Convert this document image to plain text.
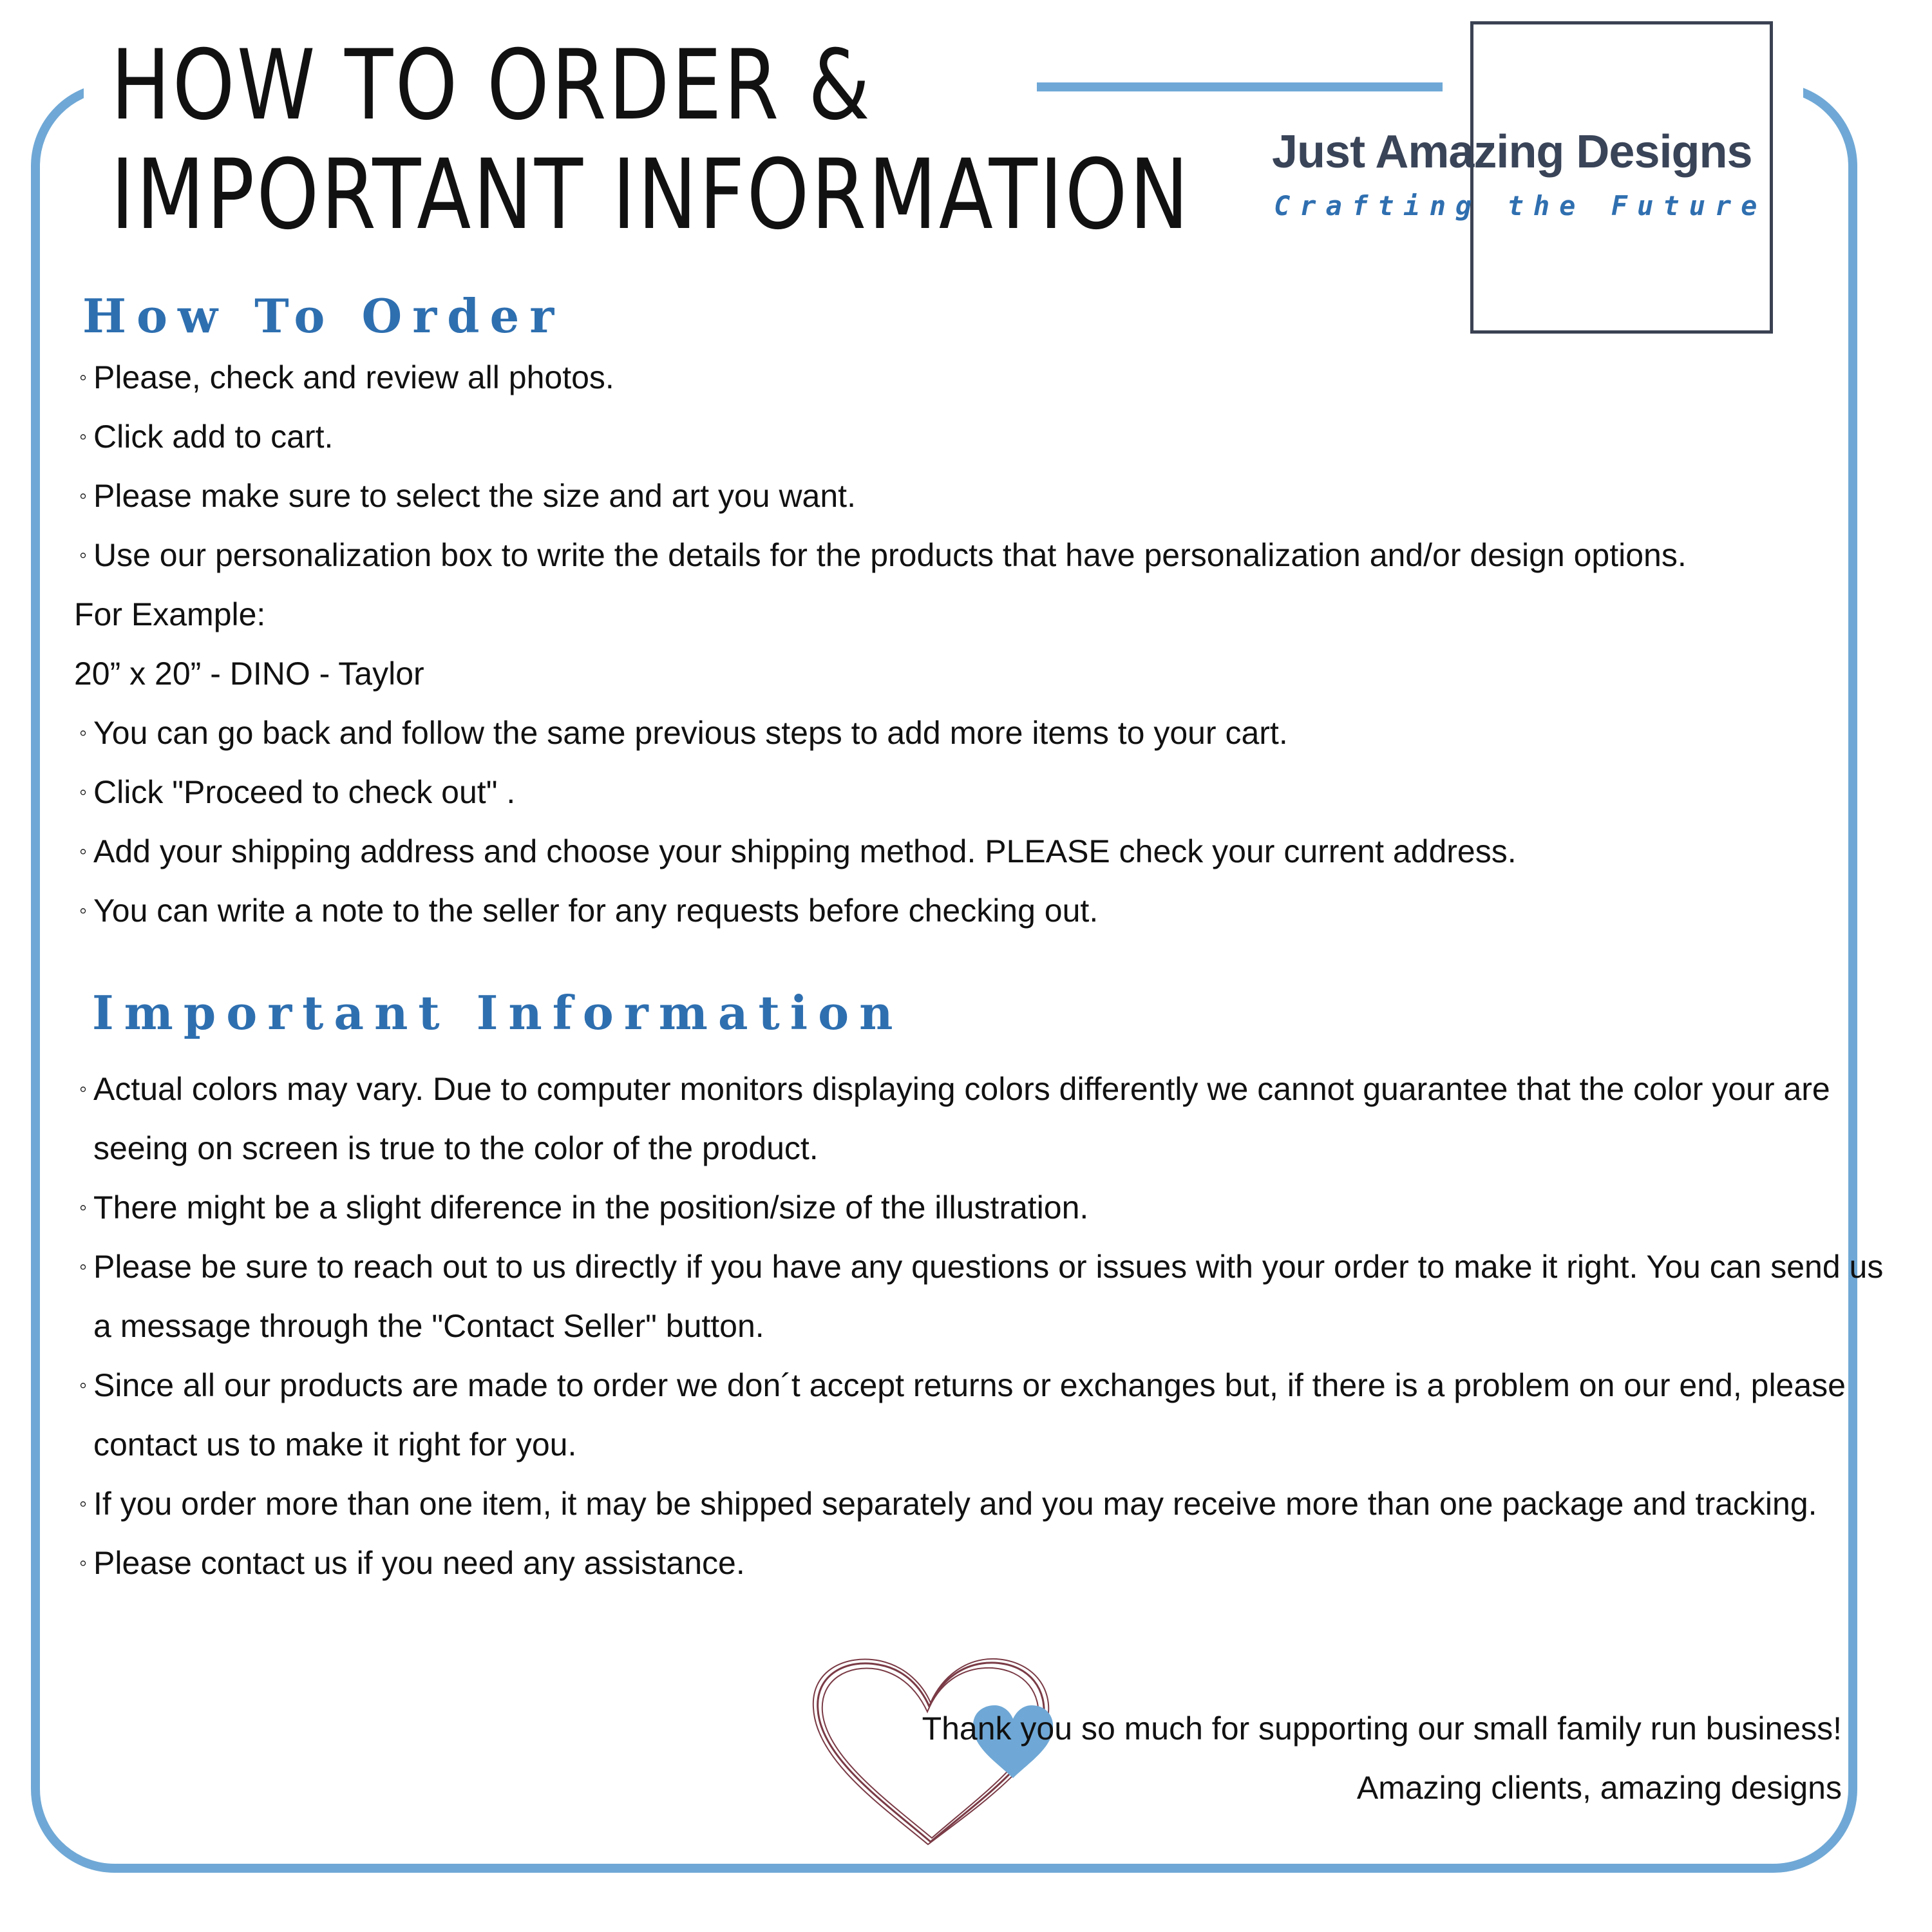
HOW TO ORDER &
IMPORTANT INFORMATION Just Amazing Designs
Crafting the Future
How To Order
◦ Please, check and review all photos.
◦ Click add to cart.
◦ Please make sure to select the size and art you want.
◦ Use our personalization box to write the details for the products that have personalization and/or design options.
For Example:
20” x 20” - DINO - Taylor
◦ You can go back and follow the same previous steps to add more items to your cart.
◦ Click "Proceed to check out" .
◦ Add your shipping address and choose your shipping method. PLEASE check your current address.
◦ You can write a note to the seller for any requests before checking out.
Important Information
◦ Actual colors may vary. Due to computer monitors displaying colors differently we cannot guarantee that the color your are seeing on screen is true to the color of the product.
◦ There might be a slight diference in the position/size of the illustration.
◦ Please be sure to reach out to us directly if you have any questions or issues with your order to make it right. You can send us a message through the "Contact Seller" button.
◦ Since all our products are made to order we don´t accept returns or exchanges but, if there is a problem on our end, please contact us to make it right for you.
◦ If you order more than one item, it may be shipped separately and you may receive more than one package and tracking.
◦ Please contact us if you need any assistance.
Thank you so much for supporting our small family run business!
Amazing clients, amazing designs
